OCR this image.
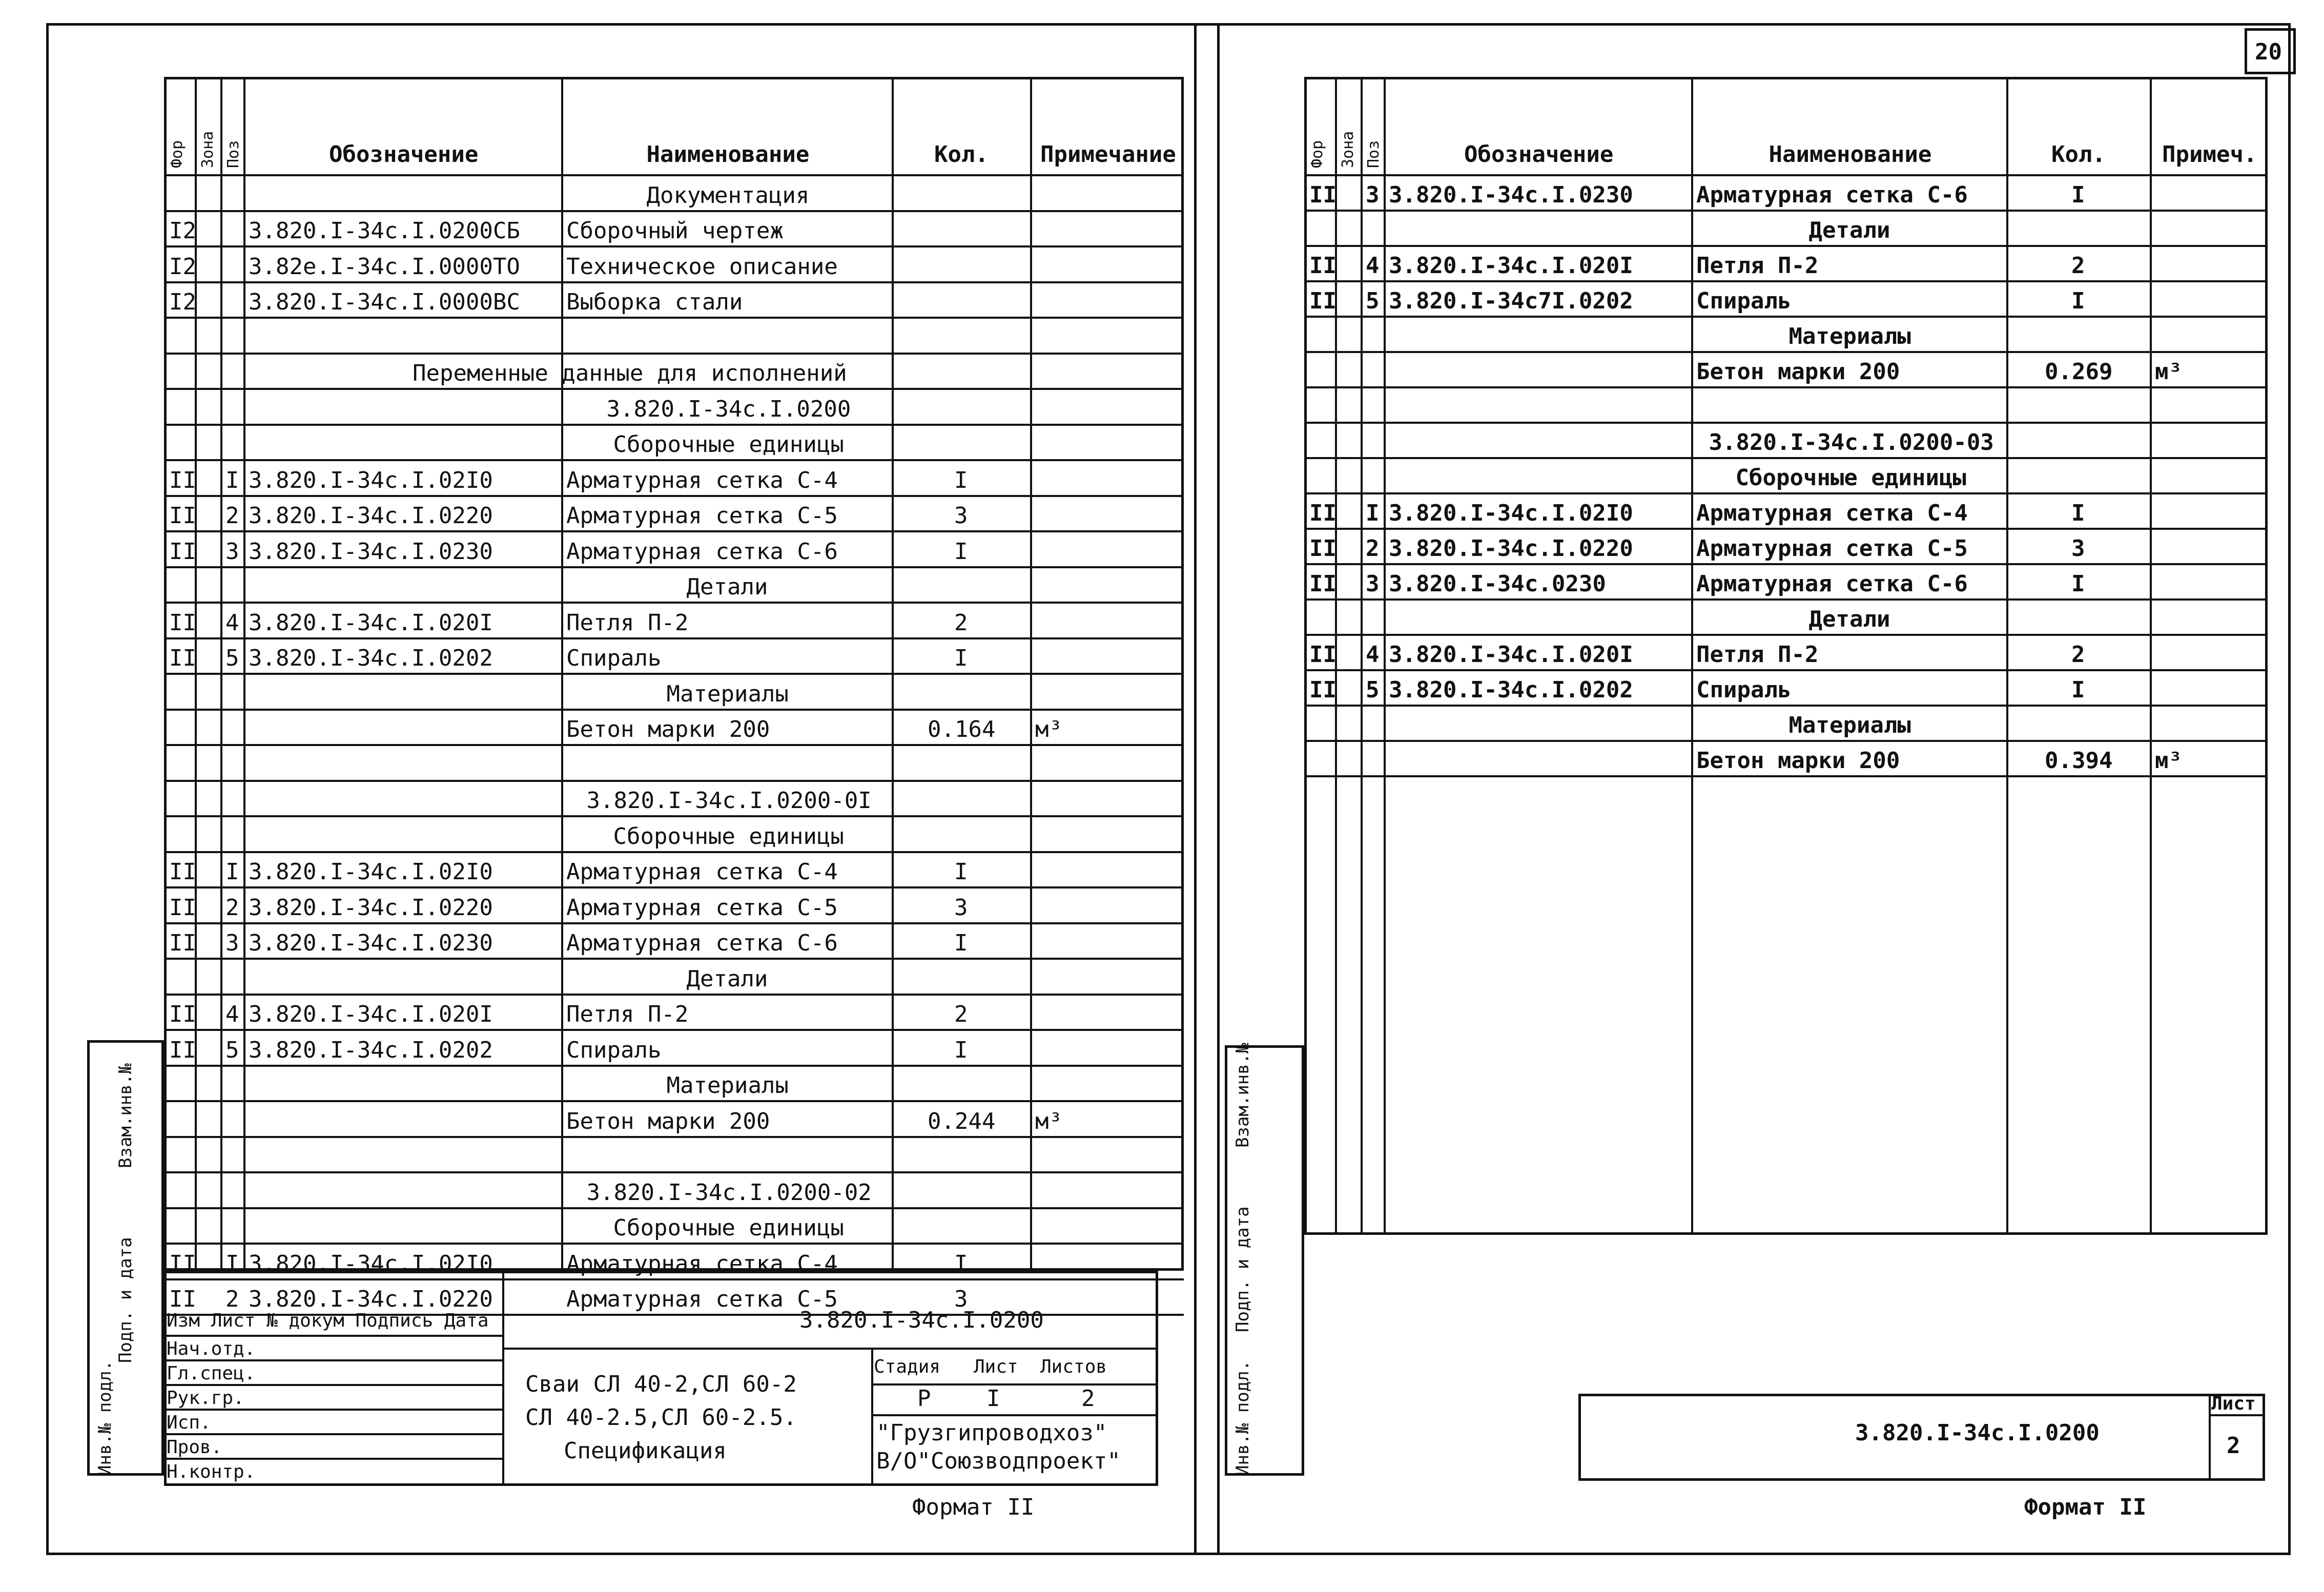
20
Фор Зона Поз	Обозначение	Наименование	Кол. Примечание
Документация
I2 3.820.I-34c.I.0200СБ Сборочный чертеж
I2 3.82е.I-34c.I.0000ТО Техническое описание
I2 3.820.I-34c.I.0000ВС Выборка стали
Переменные данные для исполнений
3.820.I-34c.I.0200
Сборочные единицы
II I 3.820.I-34c.I.02I0	Арматурная сетка С-4	I
II 2 3.820.I-34c.I.0220	Арматурная сетка С-5	3
II 3 3.820.I-34c.I.0230	Арматурная сетка С-6	I
Детали
II 4 3.820.I-34c.I.020I	Петля П-2	2
II 5 3.820.I-34c.I.0202	Спираль	I
Материалы
Бетон марки 200	0.164 м³
3.820.I-34c.I.0200-0I
Сборочные единицы
II I 3.820.I-34c.I.02I0	Арматурная сетка С-4	I
II 2 3.820.I-34c.I.0220	Арматурная сетка С-5	3
II 3 3.820.I-34c.I.0230	Арматурная сетка С-6	I
Детали
II 4 3.820.I-34c.I.020I	Петля П-2	2
II 5 3.820.I-34c.I.0202	Спираль	I
Материалы
Бетон марки 200	0.244 м³
3.820.I-34c.I.0200-02
Сборочные единицы
II I 3.820.I-34c.I.02I0	Арматурная сетка С-4	I
II 2 3.820.I-34c.I.0220	Арматурная сетка С-5	3
Фор Зона Поз	Обозначение	Наименование	Кол.	Примеч.
II 3 3.820.I-34c.I.0230	Арматурная сетка С-6	I
Детали
II 4 3.820.I-34c.I.020I	Петля П-2	2
II 5 3.820.I-34c7I.0202	Спираль	I
Материалы
Бетон марки 200	0.269 м³
3.820.I-34c.I.0200-03
Сборочные единицы
II I 3.820.I-34c.I.02I0	Арматурная сетка С-4	I
II 2 3.820.I-34c.I.0220	Арматурная сетка С-5	3
II 3 3.820.I-34c.0230	Арматурная сетка С-6	I
Детали
II 4 3.820.I-34c.I.020I	Петля П-2	2
II 5 3.820.I-34c.I.0202	Спираль	I
Материалы
Бетон марки 200	0.394 м³
Инв.№ подл.
Подп. и дата
Взам.инв.№
Инв.№ подл.
Подп. и дата
Взам.инв.№
3.820.I-34c.I.0200
Сваи СЛ 40-2,СЛ 60-2
СЛ 40-2.5,СЛ 60-2.5.
Спецификация
Стадия Лист Листов
Р I	2
"Грузгипроводхоз"
В/О"Союзводпроект"
Изм Лист № докум Подпись Дата
Нач.отд.
Гл.спец.
Рук.гр.
Исп.
Пров.
Н.контр.
Формат II
3.820.I-34c.I.0200
Лист
2
Формат II
